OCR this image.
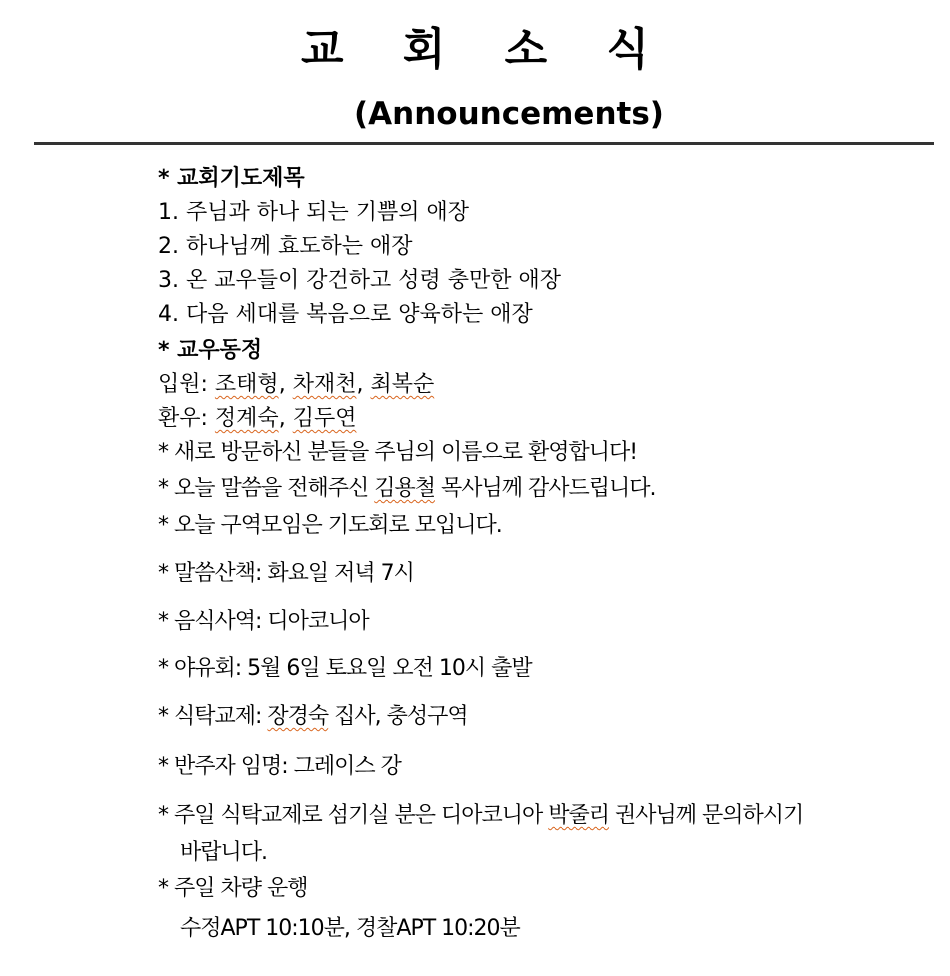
교 회 소 식
(Announcements)
* 교회기도제목
1. 주님과 하나 되는 기쁨의 애장
2. 하나님께 효도하는 애장
3. 온 교우들이 강건하고 성령 충만한 애장
4. 다음 세대를 복음으로 양육하는 애장
* 교우동정
입원: 조태형, 차재천, 최복순
환우: 정계숙, 김두연
* 새로 방문하신 분들을 주님의 이름으로 환영합니다!
* 오늘 말씀을 전해주신 김용철 목사님께 감사드립니다.
* 오늘 구역모임은 기도회로 모입니다.
* 말씀산책: 화요일 저녁 7시
* 음식사역: 디아코니아
* 야유회: 5월 6일 토요일 오전 10시 출발
* 식탁교제: 장경숙 집사, 충성구역
* 반주자 임명: 그레이스 강
* 주일 식탁교제로 섬기실 분은 디아코니아 박줄리 권사님께 문의하시기
바랍니다.
* 주일 차량 운행
수정APT 10:10분, 경찰APT 10:20분
